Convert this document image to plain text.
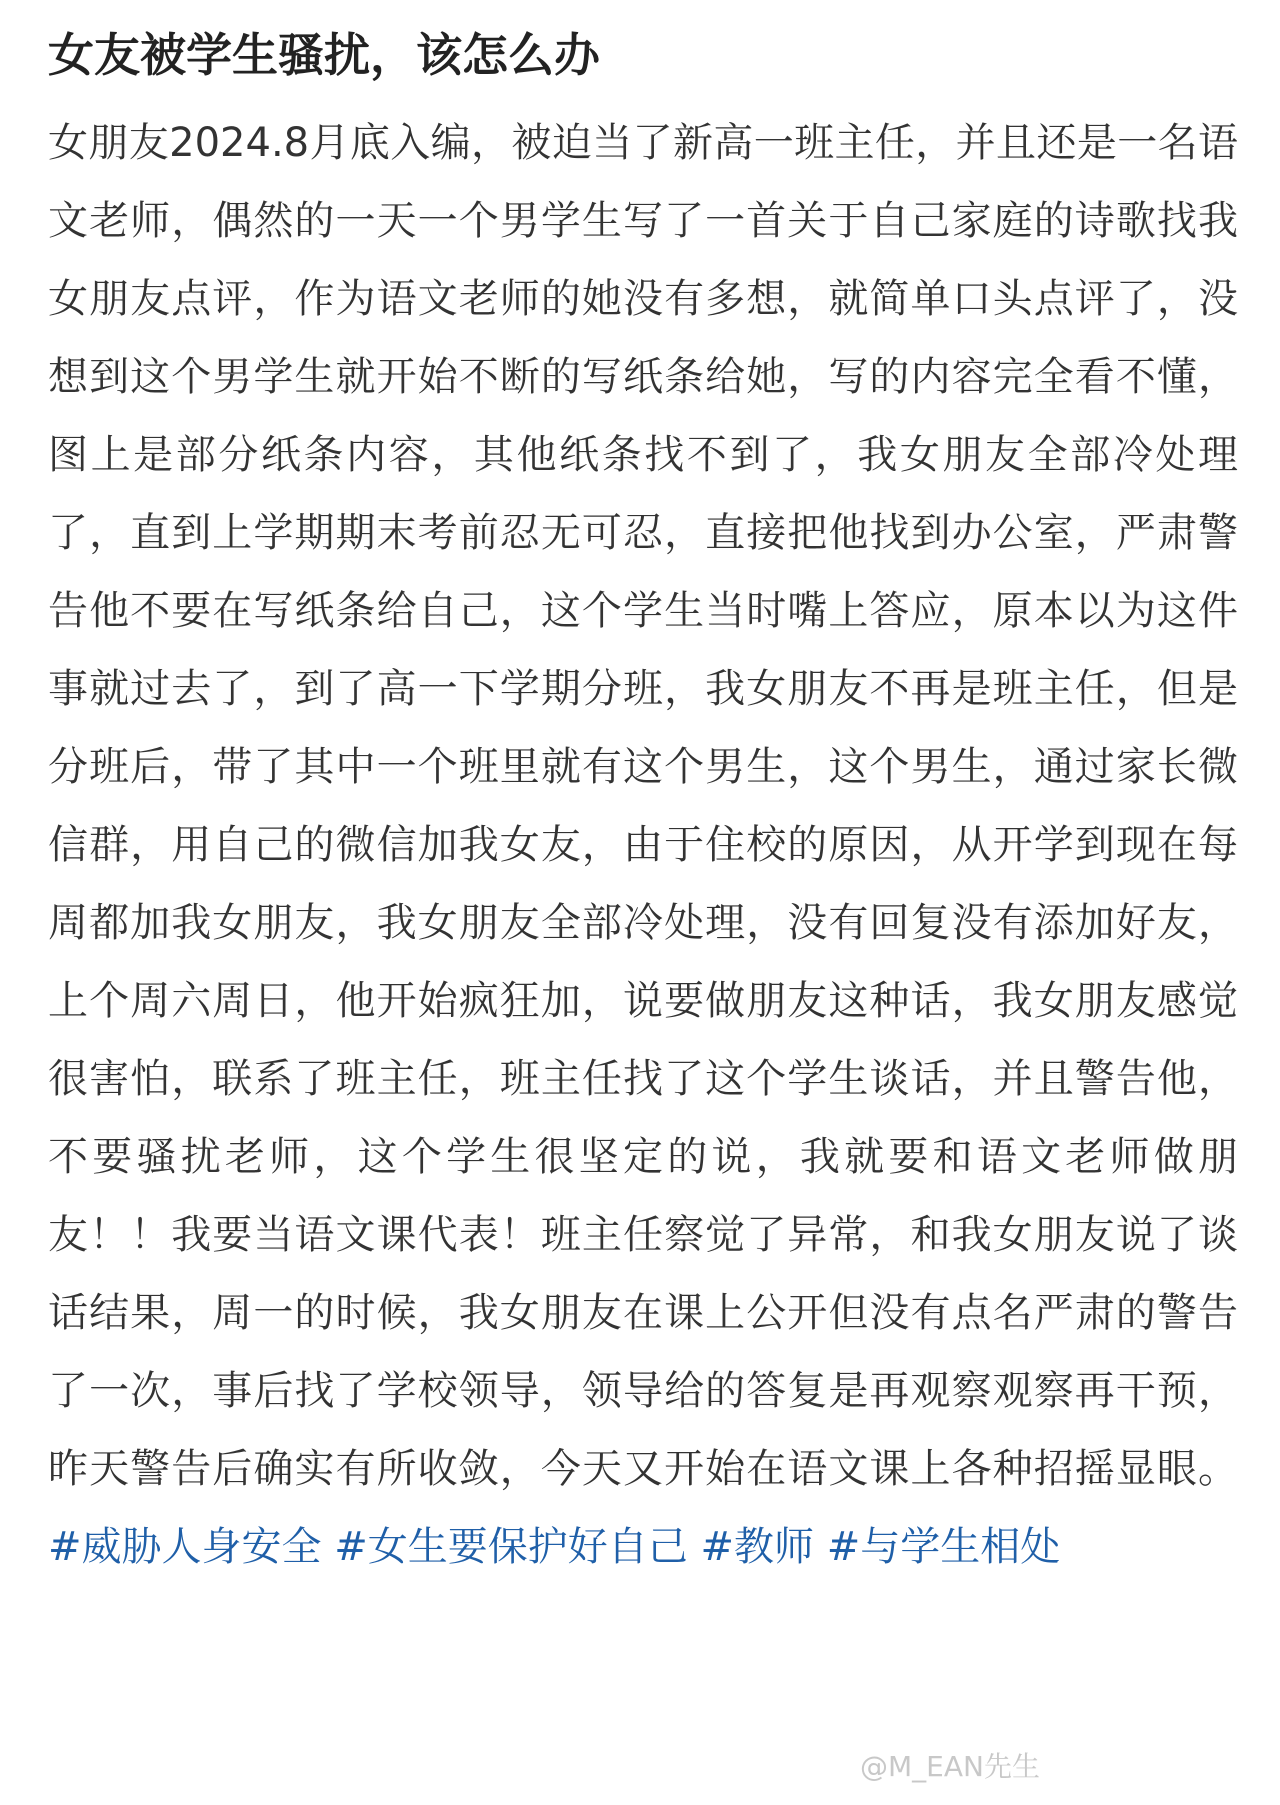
女友被学生骚扰，该怎么办
女朋友2024.8月底入编，被迫当了新高一班主任，并且还是一名语文老师，偶然的一天一个男学生写了一首关于自己家庭的诗歌找我女朋友点评，作为语文老师的她没有多想，就简单口头点评了，没想到这个男学生就开始不断的写纸条给她，写的内容完全看不懂，图上是部分纸条内容，其他纸条找不到了，我女朋友全部冷处理了，直到上学期期末考前忍无可忍，直接把他找到办公室，严肃警告他不要在写纸条给自己，这个学生当时嘴上答应，原本以为这件事就过去了，到了高一下学期分班，我女朋友不再是班主任，但是分班后，带了其中一个班里就有这个男生，这个男生，通过家长微信群，用自己的微信加我女友，由于住校的原因，从开学到现在每周都加我女朋友，我女朋友全部冷处理，没有回复没有添加好友，上个周六周日，他开始疯狂加，说要做朋友这种话，我女朋友感觉很害怕，联系了班主任，班主任找了这个学生谈话，并且警告他，不要骚扰老师，这个学生很坚定的说，我就要和语文老师做朋友！！我要当语文课代表！班主任察觉了异常，和我女朋友说了谈话结果，周一的时候，我女朋友在课上公开但没有点名严肃的警告了一次，事后找了学校领导，领导给的答复是再观察观察再干预，昨天警告后确实有所收敛，今天又开始在语文课上各种招摇显眼。 #威胁人身安全 #女生要保护好自己 #教师 #与学生相处
@M_EAN先生
